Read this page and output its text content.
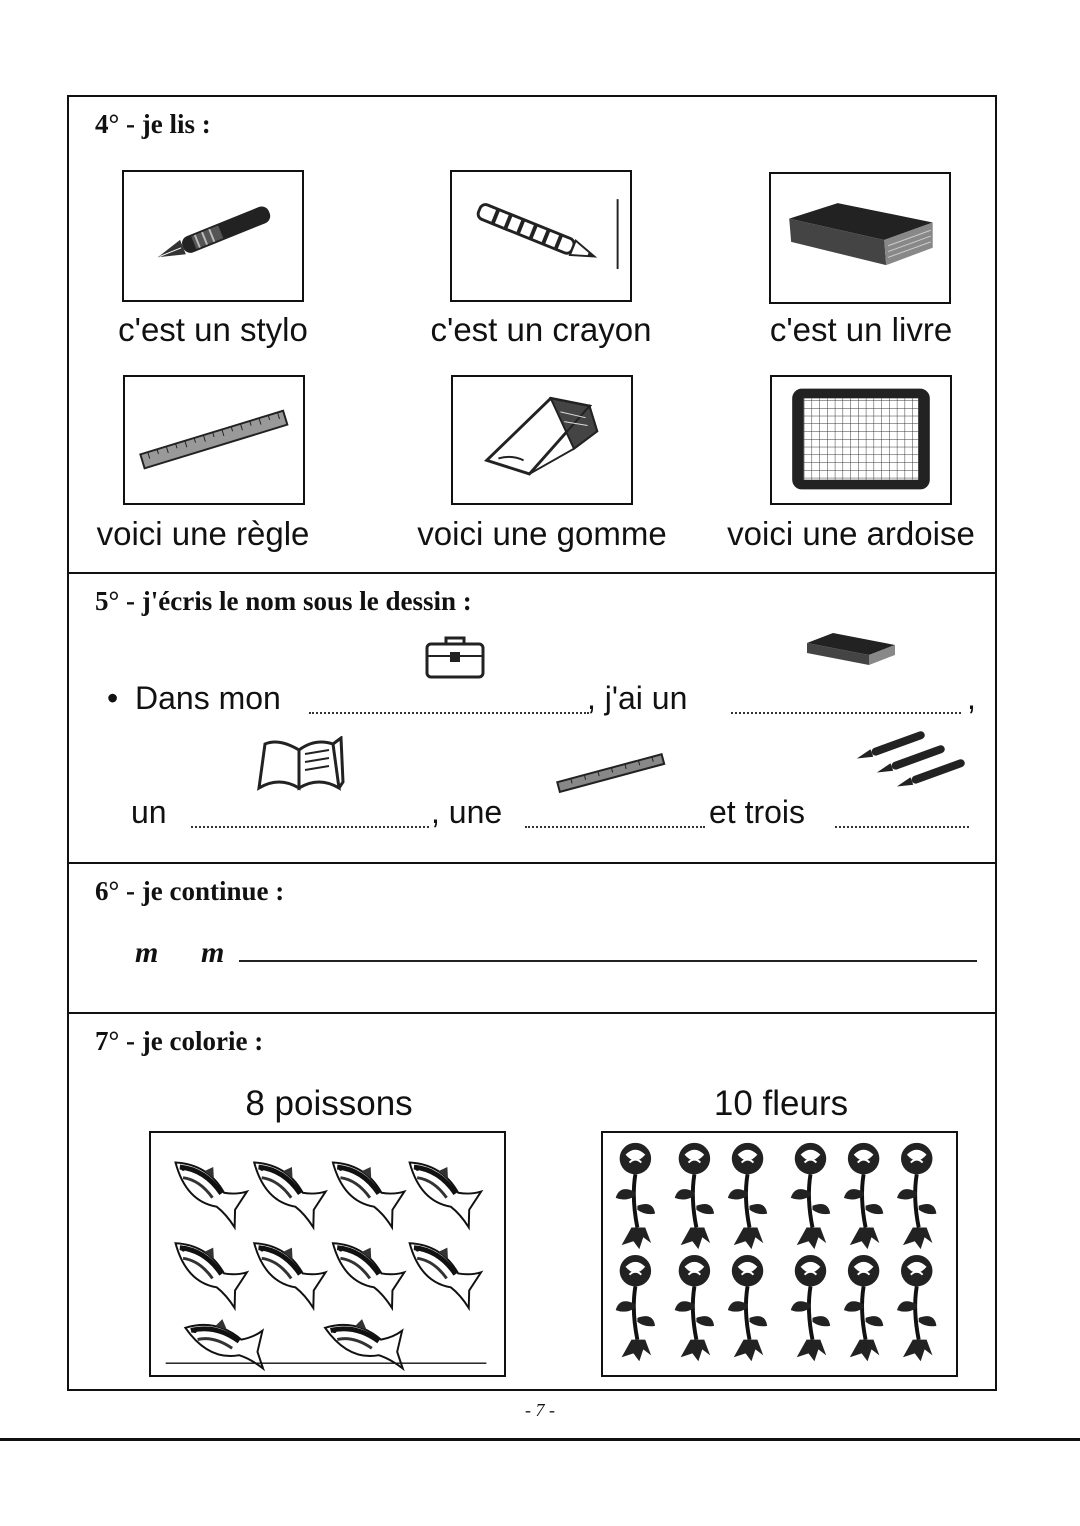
4° - je lis :
c'est un stylo	c'est un crayon	c'est un livre
voici une règle	voici une gomme	voici une ardoise
5° - j'écris le nom sous le dessin :
• Dans mon	, j'ai un	,
un	, une	et trois
6° - je continue :
m m
7° - je colorie :
8 poissons	10 fleurs
- 7 -
